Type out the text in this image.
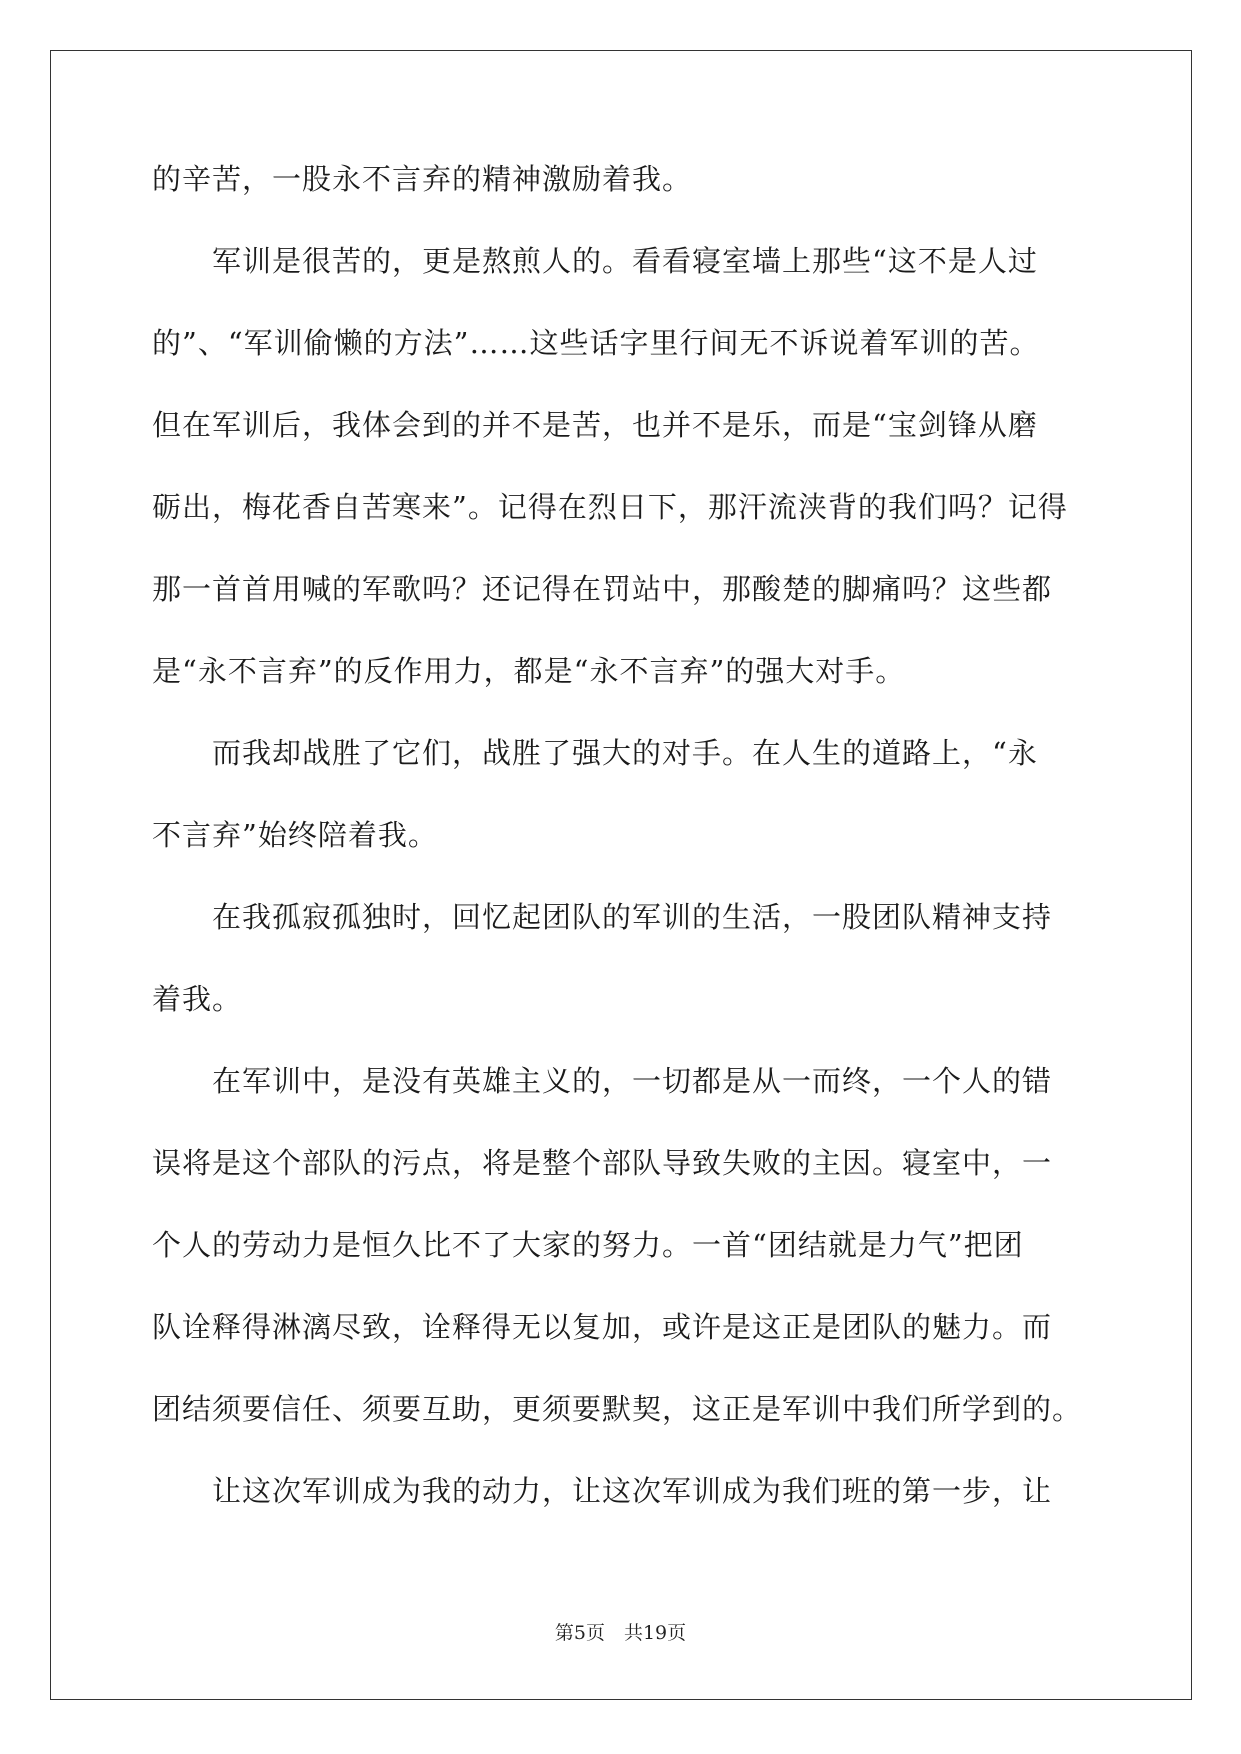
的辛苦，一股永不言弃的精神激励着我。
　　军训是很苦的，更是熬煎人的。看看寝室墙上那些“这不是人过
的”、“军训偷懒的方法”……这些话字里行间无不诉说着军训的苦。
但在军训后，我体会到的并不是苦，也并不是乐，而是“宝剑锋从磨
砺出，梅花香自苦寒来”。记得在烈日下，那汗流浃背的我们吗？记得
那一首首用喊的军歌吗？还记得在罚站中，那酸楚的脚痛吗？这些都
是“永不言弃”的反作用力，都是“永不言弃”的强大对手。
　　而我却战胜了它们，战胜了强大的对手。在人生的道路上，“永
不言弃”始终陪着我。
　　在我孤寂孤独时，回忆起团队的军训的生活，一股团队精神支持
着我。
　　在军训中，是没有英雄主义的，一切都是从一而终，一个人的错
误将是这个部队的污点，将是整个部队导致失败的主因。寝室中，一
个人的劳动力是恒久比不了大家的努力。一首“团结就是力气”把团
队诠释得淋漓尽致，诠释得无以复加，或许是这正是团队的魅力。而
团结须要信任、须要互助，更须要默契，这正是军训中我们所学到的。
　　让这次军训成为我的动力，让这次军训成为我们班的第一步，让
第5页　共19页
